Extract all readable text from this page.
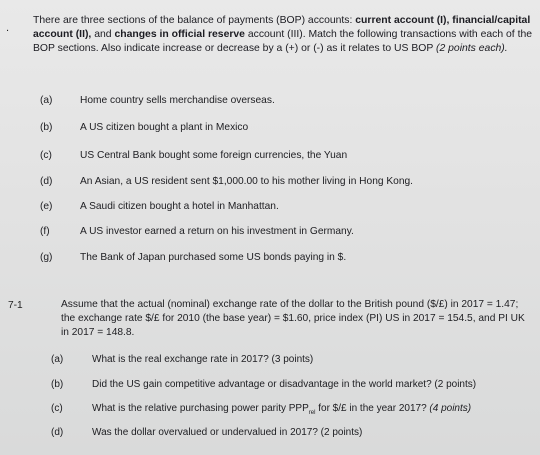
.
There are three sections of the balance of payments (BOP) accounts: current account (I), financial/capital account (II), and changes in official reserve account (III). Match the following transactions with each of the BOP sections. Also indicate increase or decrease by a (+) or (-) as it relates to US BOP (2 points each).
(a)	Home country sells merchandise overseas.
(b)	A US citizen bought a plant in Mexico
(c)	US Central Bank bought some foreign currencies, the Yuan
(d)	An Asian, a US resident sent $1,000.00 to his mother living in Hong Kong.
(e)	A Saudi citizen bought a hotel in Manhattan.
(f)	A US investor earned a return on his investment in Germany.
(g)	The Bank of Japan purchased some US bonds paying in $.
7-1	Assume that the actual (nominal) exchange rate of the dollar to the British pound ($/£) in 2017 = 1.47; the exchange rate $/£ for 2010 (the base year) = $1.60, price index (PI) US in 2017 = 154.5, and PI UK in 2017 = 148.8.
(a)	What is the real exchange rate in 2017? (3 points)
(b)	Did the US gain competitive advantage or disadvantage in the world market? (2 points)
(c)	What is the relative purchasing power parity $PPP_{rel}$ for $/£ in the year 2017? (4 points)
(d)	Was the dollar overvalued or undervalued in 2017? (2 points)
